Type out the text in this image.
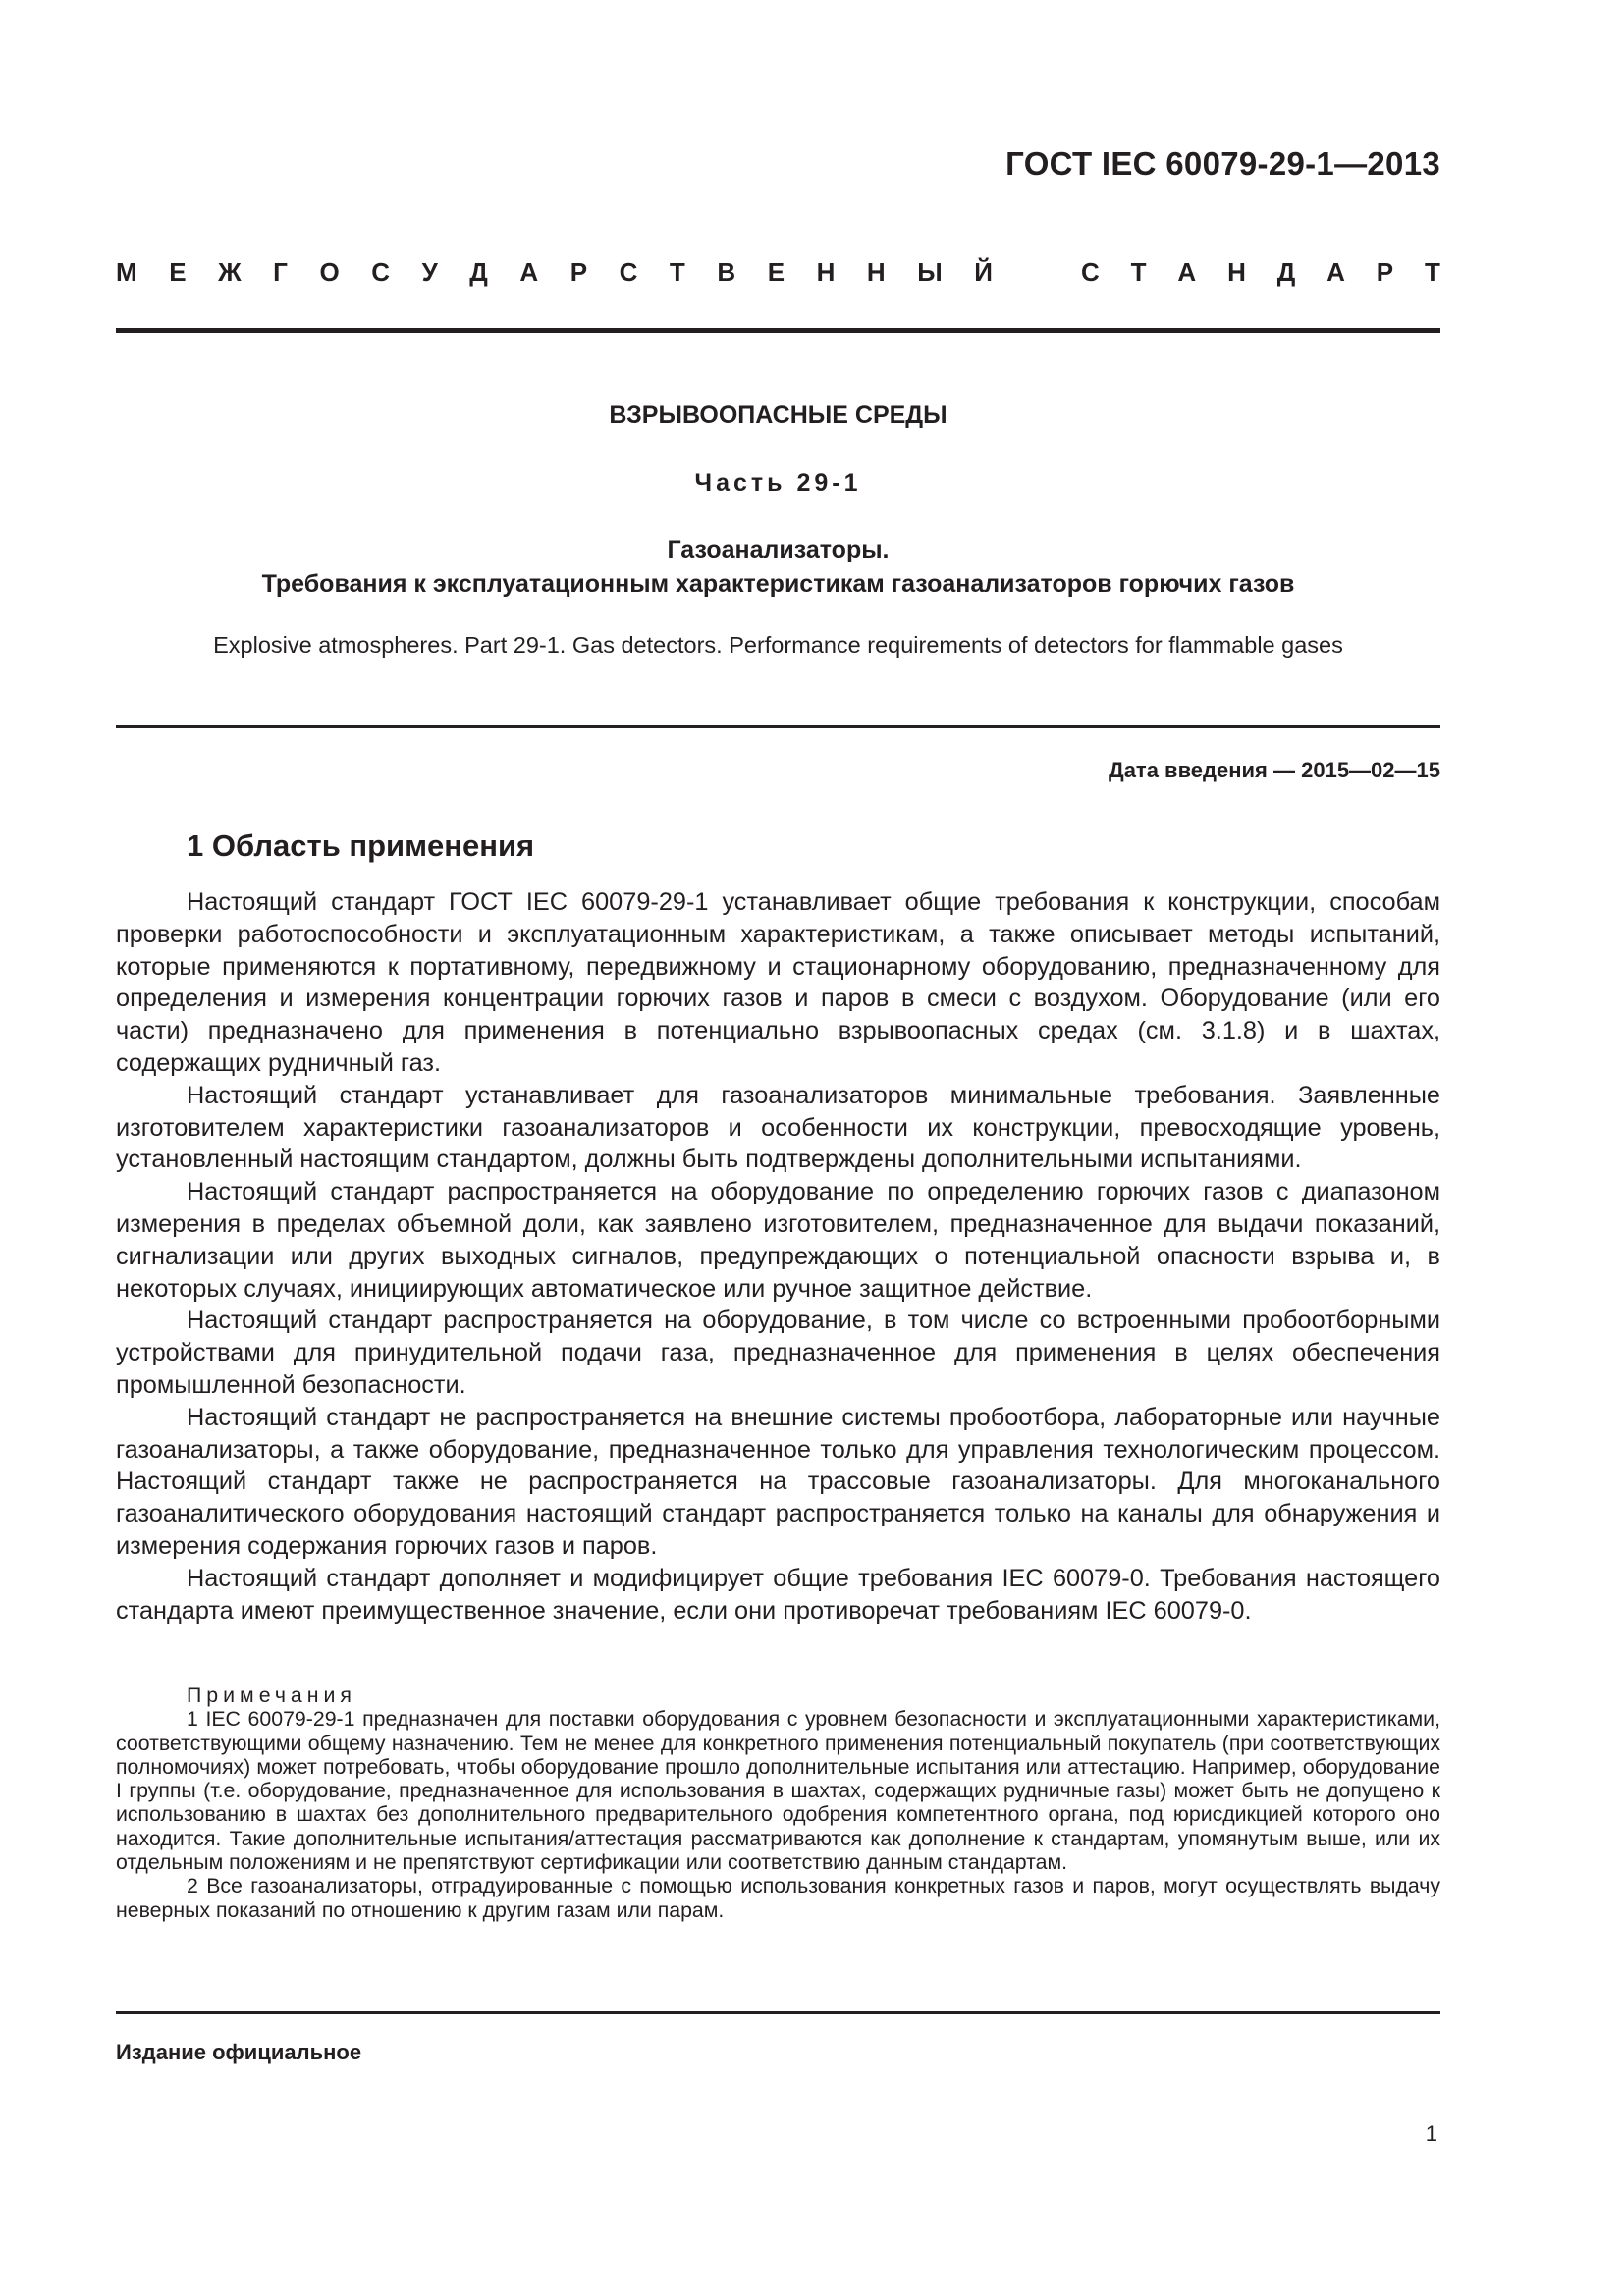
ГОСТ IEC 60079-29-1—2013
М Е Ж Г О С У Д А Р С Т В Е Н Н Ы Й	С Т А Н Д А Р Т
ВЗРЫВООПАСНЫЕ СРЕДЫ
Часть 29-1
Газоанализаторы.
Требования к эксплуатационным характеристикам газоанализаторов горючих газов
Explosive atmospheres. Part 29-1. Gas detectors. Performance requirements of detectors for flammable gases
Дата введения — 2015—02—15
1 Область применения

Настоящий стандарт ГОСТ IEC 60079-29-1 устанавливает общие требования к конструкции, способам проверки работоспособности и эксплуатационным характеристикам, а также описывает методы испытаний, которые применяются к портативному, передвижному и стационарному оборудованию, предназначенному для определения и измерения концентрации горючих газов и паров в смеси с воздухом. Оборудование (или его части) предназначено для применения в потенциально взрывоопасных средах (см. 3.1.8) и в шахтах, содержащих рудничный газ.

Настоящий стандарт устанавливает для газоанализаторов минимальные требования. Заявленные изготовителем характеристики газоанализаторов и особенности их конструкции, превосходящие уровень, установленный настоящим стандартом, должны быть подтверждены дополнительными испытаниями.

Настоящий стандарт распространяется на оборудование по определению горючих газов с диапазоном измерения в пределах объемной доли, как заявлено изготовителем, предназначенное для выдачи показаний, сигнализации или других выходных сигналов, предупреждающих о потенциальной опасности взрыва и, в некоторых случаях, инициирующих автоматическое или ручное защитное действие.

Настоящий стандарт распространяется на оборудование, в том числе со встроенными пробоотборными устройствами для принудительной подачи газа, предназначенное для применения в целях обеспечения промышленной безопасности.

Настоящий стандарт не распространяется на внешние системы пробоотбора, лабораторные или научные газоанализаторы, а также оборудование, предназначенное только для управления технологическим процессом. Настоящий стандарт также не распространяется на трассовые газоанализаторы. Для многоканального газоаналитического оборудования настоящий стандарт распространяется только на каналы для обнаружения и измерения содержания горючих газов и паров.

Настоящий стандарт дополняет и модифицирует общие требования IEC 60079-0. Требования настоящего стандарта имеют преимущественное значение, если они противоречат требованиям IEC 60079-0.

Примечания

1 IEC 60079-29-1 предназначен для поставки оборудования с уровнем безопасности и эксплуатационными характеристиками, соответствующими общему назначению. Тем не менее для конкретного применения потенциальный покупатель (при соответствующих полномочиях) может потребовать, чтобы оборудование прошло дополнительные испытания или аттестацию. Например, оборудование I группы (т.е. оборудование, предназначенное для использования в шахтах, содержащих рудничные газы) может быть не допущено к использованию в шахтах без дополнительного предварительного одобрения компетентного органа, под юрисдикцией которого оно находится. Такие дополнительные испытания/аттестация рассматриваются как дополнение к стандартам, упомянутым выше, или их отдельным положениям и не препятствуют сертификации или соответствию данным стандартам.

2 Все газоанализаторы, отградуированные с помощью использования конкретных газов и паров, могут осуществлять выдачу неверных показаний по отношению к другим газам или парам.

Издание официальное
1
